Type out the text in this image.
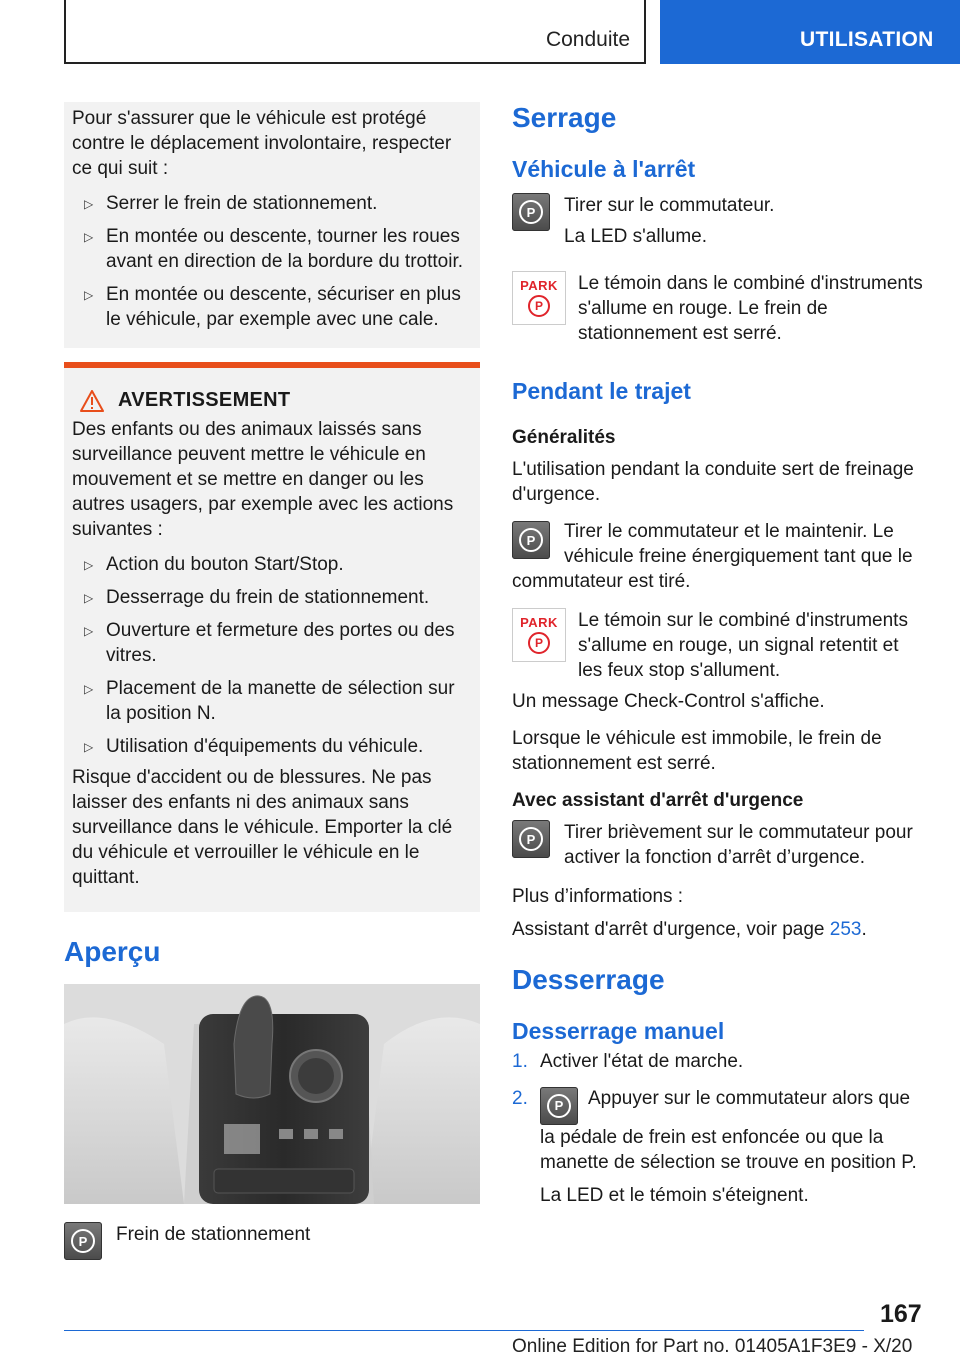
Conduite	UTILISATION

Pour s'assurer que le véhicule est protégé contre le déplacement involontaire, respecter ce qui suit :

▷ Serrer le frein de stationnement.
▷ En montée ou descente, tourner les roues avant en direction de la bordure du trottoir.
▷ En montée ou descente, sécuriser en plus le véhicule, par exemple avec une cale.
AVERTISSEMENT

Des enfants ou des animaux laissés sans surveillance peuvent mettre le véhicule en mouvement et se mettre en danger ou les autres usagers, par exemple avec les actions suivantes :

▷ Action du bouton Start/Stop.
▷ Desserrage du frein de stationnement.
▷ Ouverture et fermeture des portes ou des vitres.
▷ Placement de la manette de sélection sur la position N.
▷ Utilisation d'équipements du véhicule.

Risque d'accident ou de blessures. Ne pas laisser des enfants ni des animaux sans surveillance dans le véhicule. Emporter la clé du véhicule et verrouiller le véhicule en le quittant.

Aperçu
P	Frein de stationnement
Serrage
Véhicule à l'arrêt
P	Tirer sur le commutateur.

La LED s'allume.

PARK
P

Le témoin dans le combiné d'instruments s'allume en rouge. Le frein de stationnement est serré.

Pendant le trajet
Généralités

L'utilisation pendant la conduite sert de freinage d'urgence.

P	Tirer le commutateur et le maintenir. Le véhicule freine énergiquement tant que le commutateur est tiré.

PARK
P

Le témoin sur le combiné d'instruments s'allume en rouge, un signal retentit et les feux stop s'allument.

Un message Check-Control s'affiche.

Lorsque le véhicule est immobile, le frein de stationnement est serré.

Avec assistant d'arrêt d'urgence
P	Tirer brièvement sur le commutateur pour activer la fonction d’arrêt d’urgence.

Plus d’informations :

Assistant d'arrêt d'urgence, voir page 253.

Desserrage
Desserrage manuel
1. Activer l'état de marche.
2.	P	Appuyer sur le commutateur alors que la pédale de frein est enfoncée ou que la manette de sélection se trouve en position P.

La LED et le témoin s'éteignent.

167
Online Edition for Part no. 01405A1F3E9 - X/20
